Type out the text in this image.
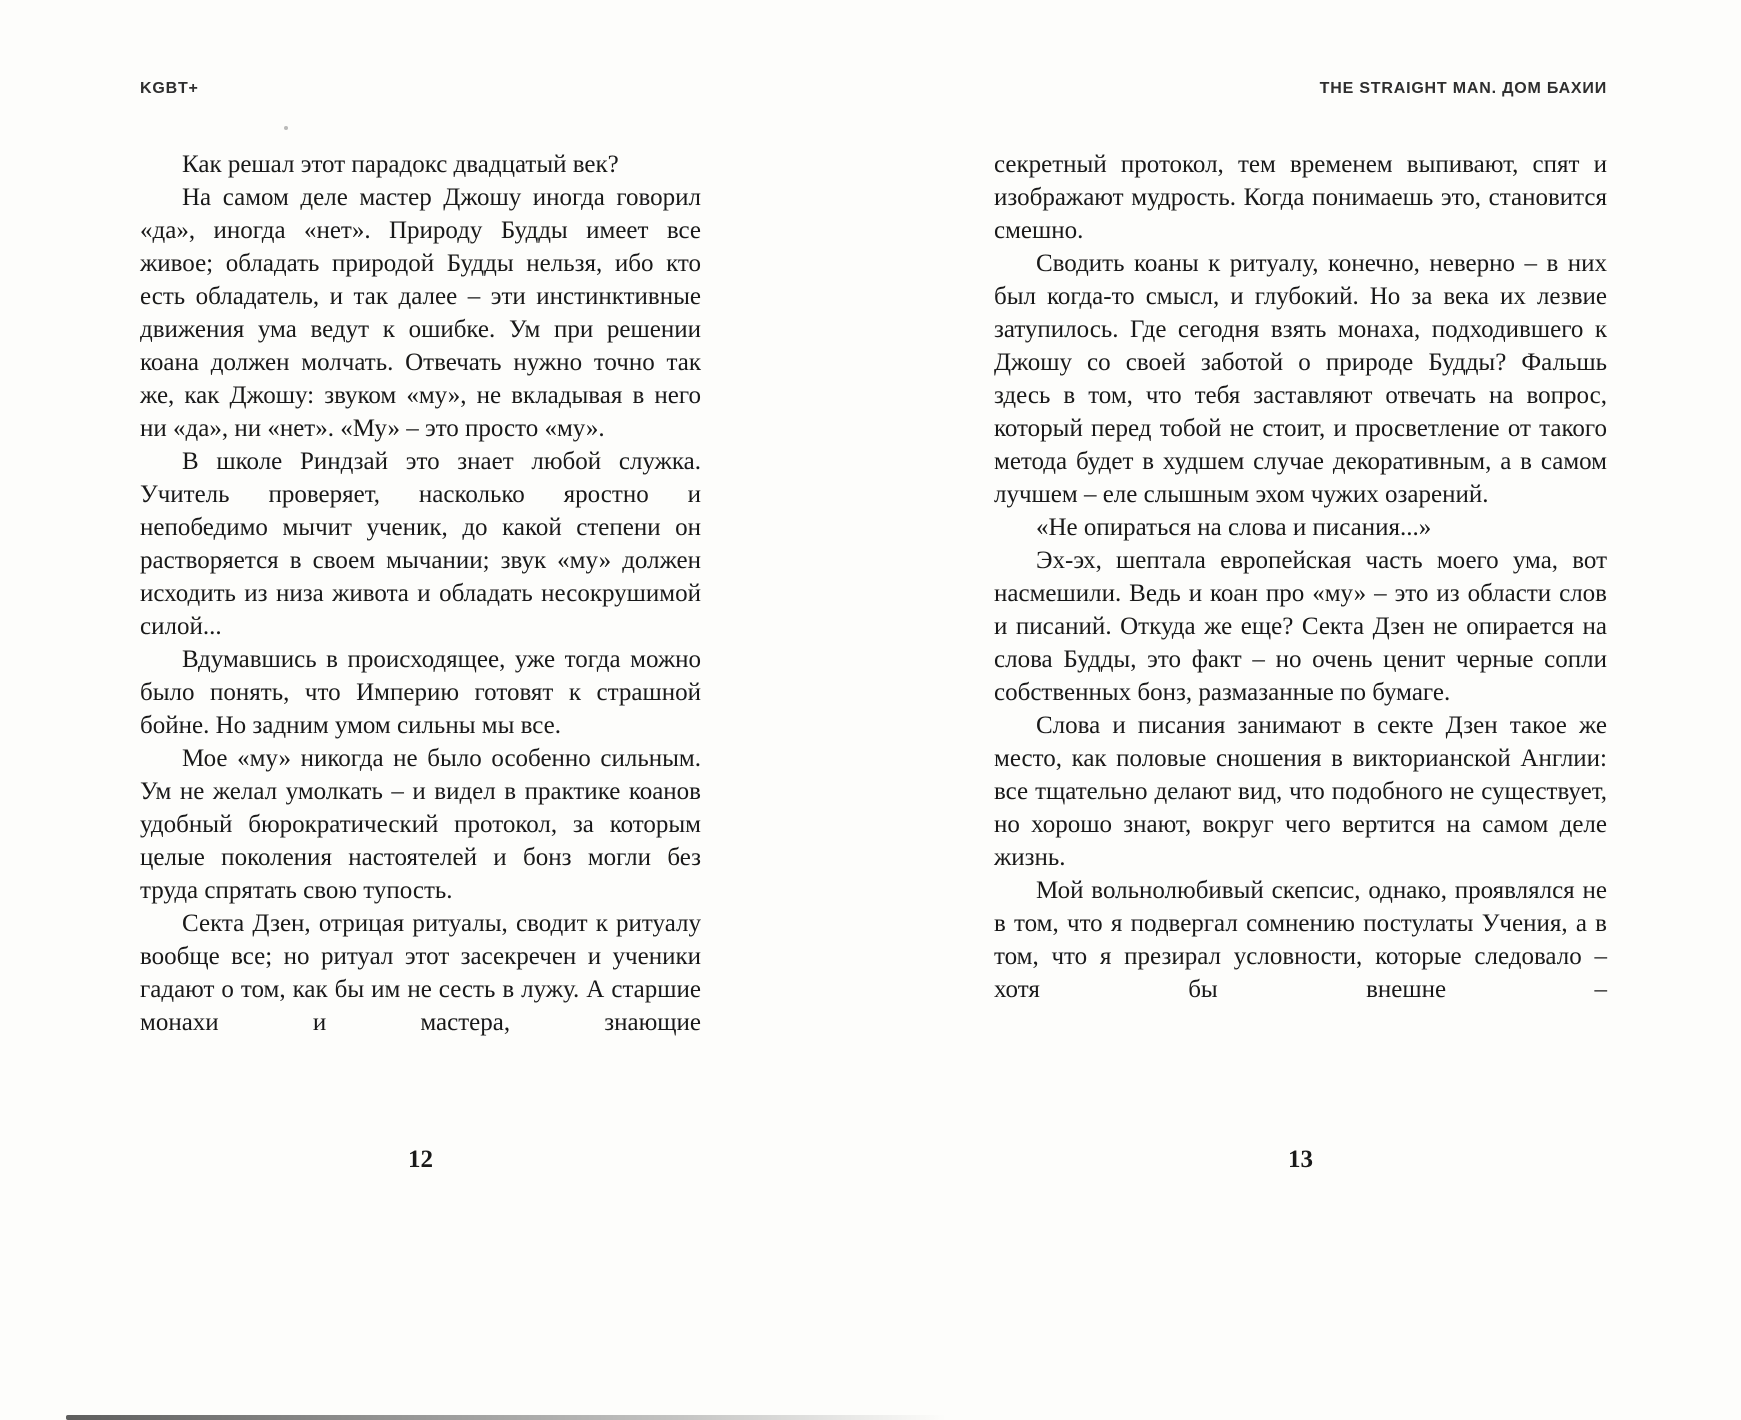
KGBT+

Как решал этот парадокс двадцатый век?

На самом деле мастер Джошу иногда говорил «да», иногда «нет». Природу Будды имеет все живое; обладать природой Будды нельзя, ибо кто есть обладатель, и так далее – эти инстинктивные движения ума ведут к ошибке. Ум при решении коана должен молчать. Отвечать нужно точно так же, как Джошу: звуком «му», не вкладывая в него ни «да», ни «нет». «Му» – это просто «му».

В школе Риндзай это знает любой служка. Учитель проверяет, насколько яростно и непобедимо мычит ученик, до какой степени он растворяется в своем мычании; звук «му» должен исходить из низа живота и обладать несокрушимой силой...

Вдумавшись в происходящее, уже тогда можно было понять, что Империю готовят к страшной бойне. Но задним умом сильны мы все.

Мое «му» никогда не было особенно сильным. Ум не желал умолкать – и видел в практике коанов удобный бюрократический протокол, за которым целые поколения настоятелей и бонз могли без труда спрятать свою тупость.

Секта Дзен, отрицая ритуалы, сводит к ритуалу вообще все; но ритуал этот засекречен и ученики гадают о том, как бы им не сесть в лужу. А старшие монахи и мастера, знающие

12
THE STRAIGHT MAN. ДОМ БАХИИ

секретный протокол, тем временем выпивают, спят и изображают мудрость. Когда понимаешь это, становится смешно.

Сводить коаны к ритуалу, конечно, неверно – в них был когда-то смысл, и глубокий. Но за века их лезвие затупилось. Где сегодня взять монаха, подходившего к Джошу со своей заботой о природе Будды? Фальшь здесь в том, что тебя заставляют отвечать на вопрос, который перед тобой не стоит, и просветление от такого метода будет в худшем случае декоративным, а в самом лучшем – еле слышным эхом чужих озарений.

«Не опираться на слова и писания...»

Эх-эх, шептала европейская часть моего ума, вот насмешили. Ведь и коан про «му» – это из области слов и писаний. Откуда же еще? Секта Дзен не опирается на слова Будды, это факт – но очень ценит черные сопли собственных бонз, размазанные по бумаге.

Слова и писания занимают в секте Дзен такое же место, как половые сношения в викторианской Англии: все тщательно делают вид, что подобного не существует, но хорошо знают, вокруг чего вертится на самом деле жизнь.

Мой вольнолюбивый скепсис, однако, проявлялся не в том, что я подвергал сомнению постулаты Учения, а в том, что я презирал условности, которые следовало – хотя бы внешне –

13
